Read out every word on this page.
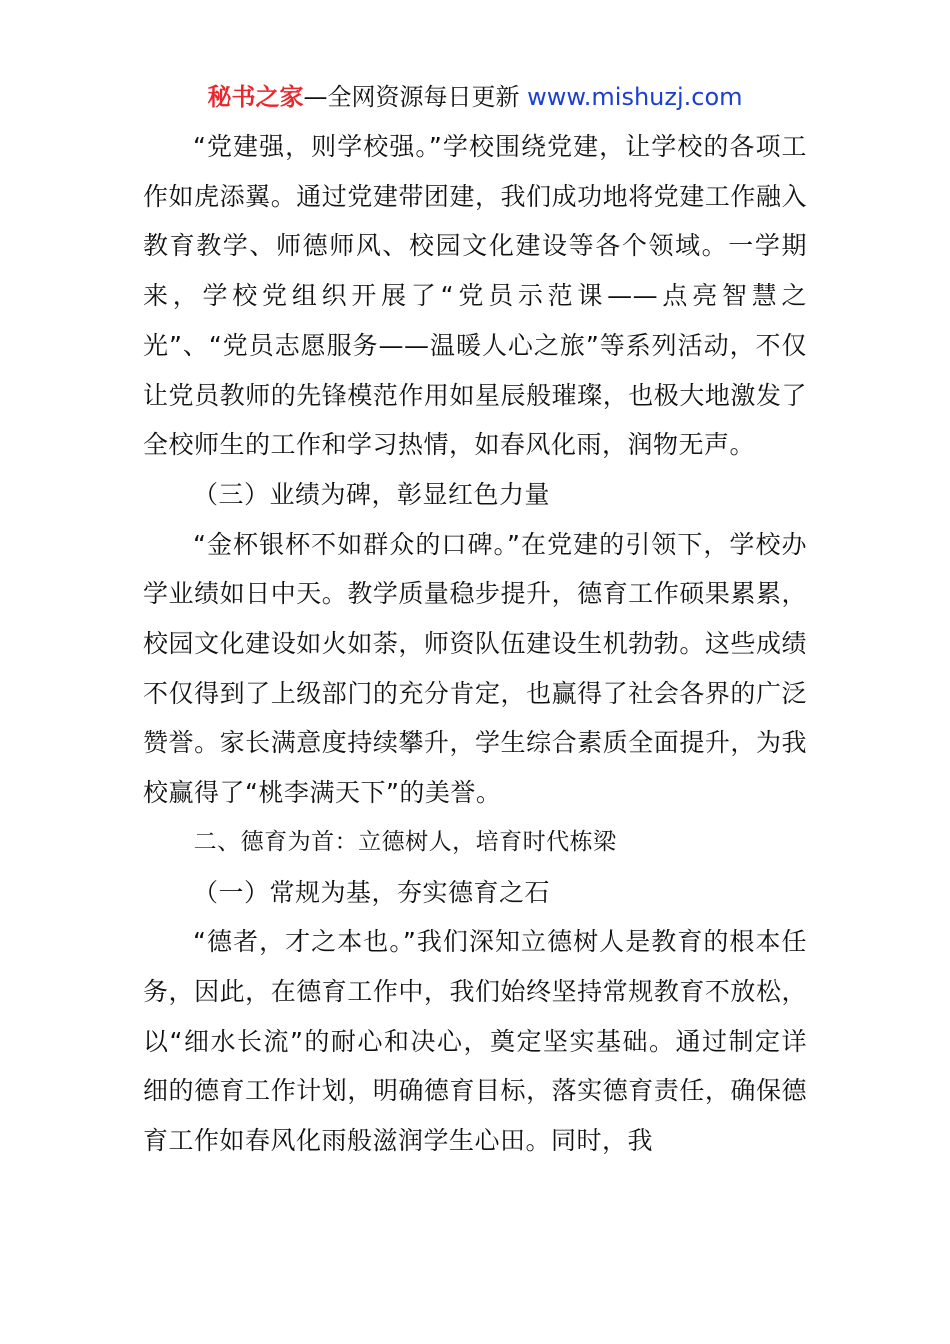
秘书之家—全网资源每日更新 www.mishuzj.com

“党建强，则学校强。”学校围绕党建，让学校的各项工作如虎添翼。通过党建带团建，我们成功地将党建工作融入教育教学、师德师风、校园文化建设等各个领域。一学期来，学校党组织开展了“党员示范课——点亮智慧之光”、“党员志愿服务——温暖人心之旅”等系列活动，不仅让党员教师的先锋模范作用如星辰般璀璨，也极大地激发了全校师生的工作和学习热情，如春风化雨，润物无声。

（三）业绩为碑，彰显红色力量

“金杯银杯不如群众的口碑。”在党建的引领下，学校办学业绩如日中天。教学质量稳步提升，德育工作硕果累累，校园文化建设如火如荼，师资队伍建设生机勃勃。这些成绩不仅得到了上级部门的充分肯定，也赢得了社会各界的广泛赞誉。家长满意度持续攀升，学生综合素质全面提升，为我校赢得了“桃李满天下”的美誉。

二、德育为首：立德树人，培育时代栋梁

（一）常规为基，夯实德育之石

“德者，才之本也。”我们深知立德树人是教育的根本任务，因此，在德育工作中，我们始终坚持常规教育不放松，以“细水长流”的耐心和决心，奠定坚实基础。通过制定详细的德育工作计划，明确德育目标，落实德育责任，确保德育工作如春风化雨般滋润学生心田。同时，我
